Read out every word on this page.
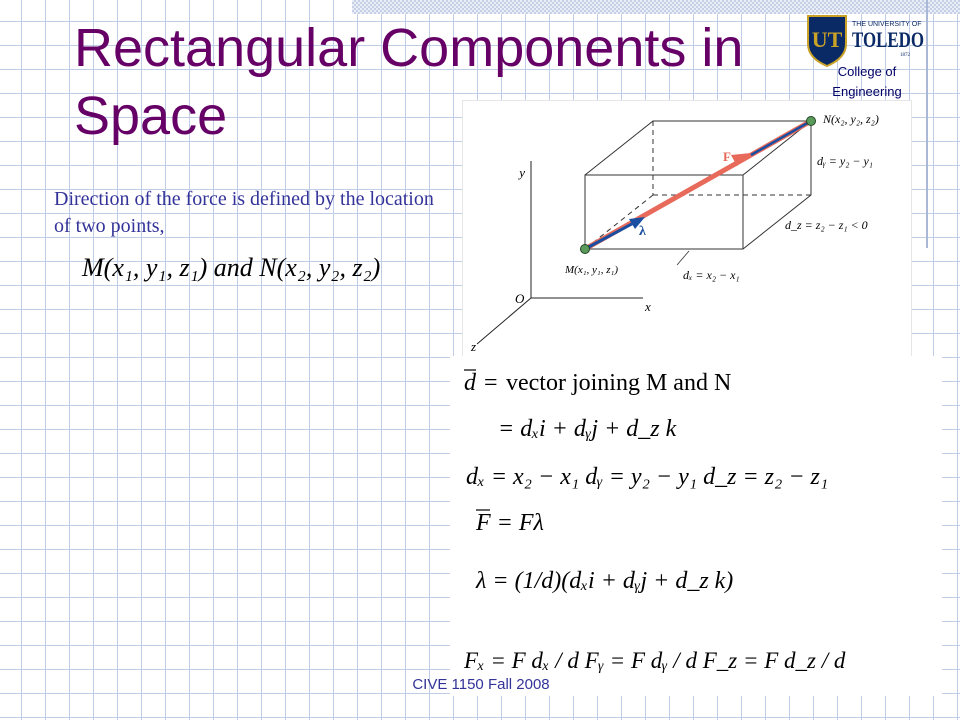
Rectangular Components in
Space
UT
THE UNIVERSITY OF
TOLEDO
1872
College of
Engineering
Direction of the force is defined by the location of two points,
M(x₁, y₁, z₁) and N(x₂, y₂, z₂)
y
x
z
O
F
λ
N(x₂, y₂, z₂)
M(x₁, y₁, z₁)
dᵧ = y₂ − y₁
d_z = z₂ − z₁ < 0
dₓ = x₂ − x₁
d = vector joining M and N
= dₓi + dᵧj + d_z k
dₓ = x₂ − x₁ dᵧ = y₂ − y₁ d_z = z₂ − z₁
F = Fλ
λ = (1/d)(dₓi + dᵧj + d_z k)
Fₓ = F dₓ / d Fᵧ = F dᵧ / d F_z = F d_z / d
CIVE 1150 Fall 2008
